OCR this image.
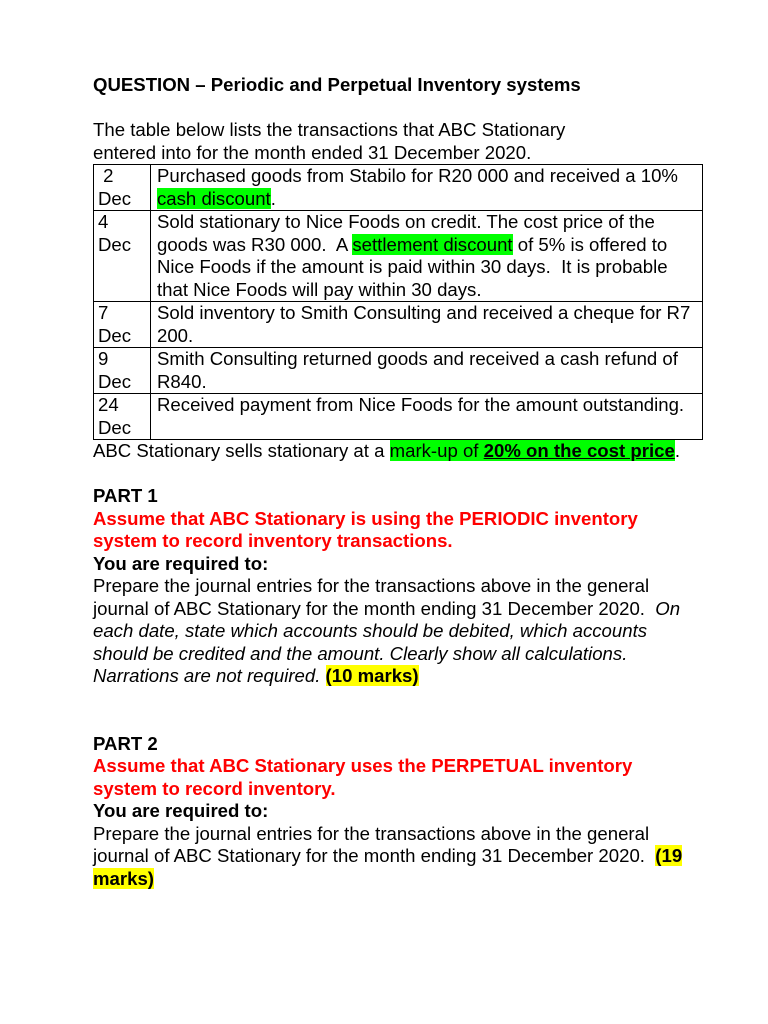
QUESTION – Periodic and Perpetual Inventory systems

The table below lists the transactions that ABC Stationary

entered into for the month ended 31 December 2020.

2
Dec	Purchased goods from Stabilo for R20 000 and received a 10% cash discount.

4
Dec	Sold stationary to Nice Foods on credit. The cost price of the goods was R30 000.  A settlement discount of 5% is offered to Nice Foods if the amount is paid within 30 days.  It is probable that Nice Foods will pay within 30 days.

7
Dec	Sold inventory to Smith Consulting and received a cheque for R7 200.

9
Dec	Smith Consulting returned goods and received a cash refund of R840.

24
Dec	Received payment from Nice Foods for the amount outstanding.

ABC Stationary sells stationary at a mark-up of 20% on the cost price.

PART 1

Assume that ABC Stationary is using the PERIODIC inventory system to record inventory transactions.

You are required to:

Prepare the journal entries for the transactions above in the general journal of ABC Stationary for the month ending 31 December 2020.  On each date, state which accounts should be debited, which accounts should be credited and the amount. Clearly show all calculations. Narrations are not required. (10 marks)

PART 2

Assume that ABC Stationary uses the PERPETUAL inventory system to record inventory.

You are required to:

Prepare the journal entries for the transactions above in the general journal of ABC Stationary for the month ending 31 December 2020.  (19 marks)
